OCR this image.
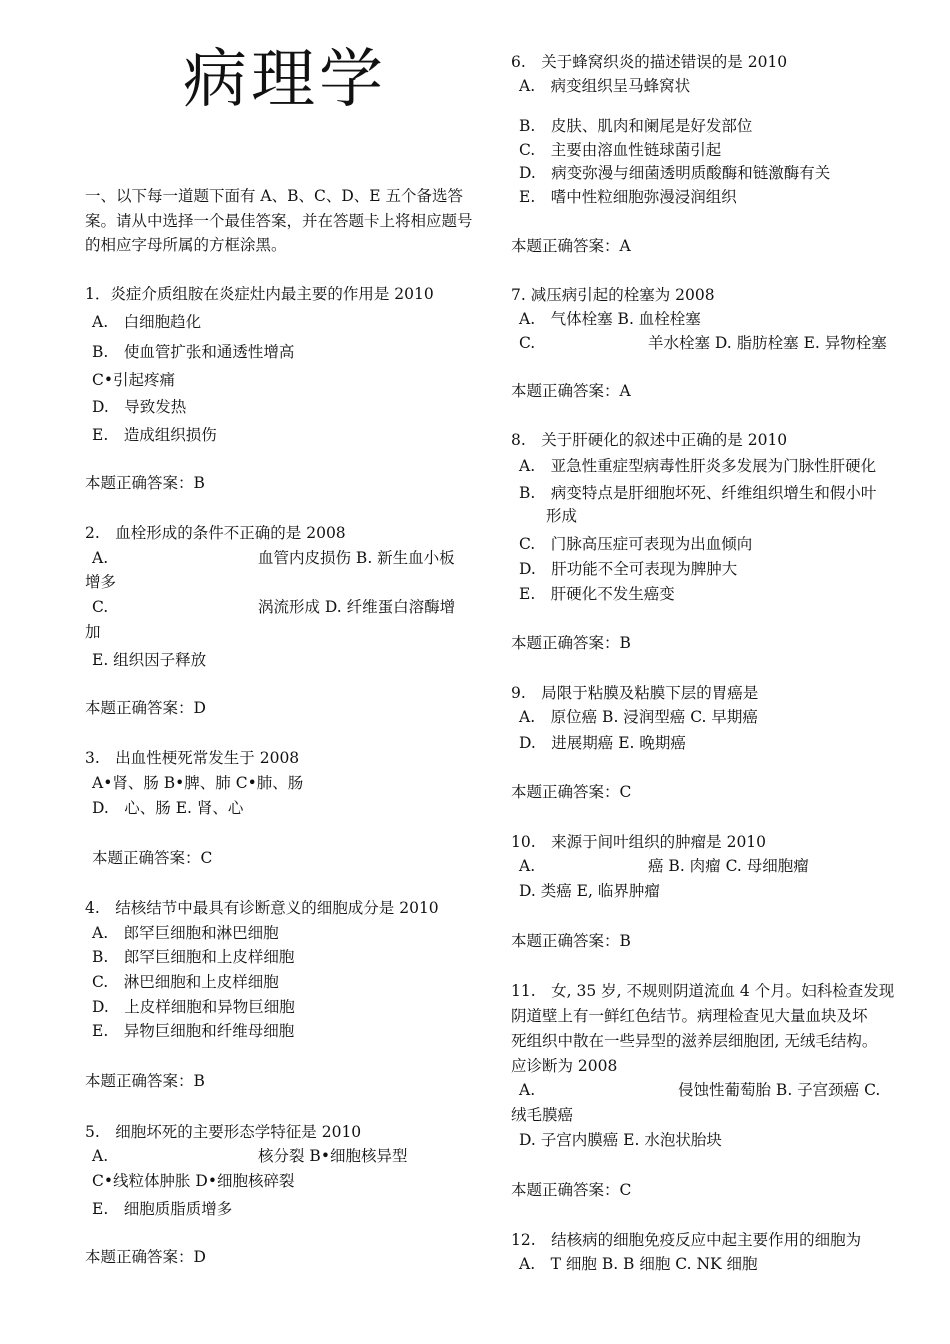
病理学
一、以下每一道题下面有 A、B、C、D、E 五个备选答案。请从中选择一个最佳答案，并在答题卡上将相应题号的相应字母所属的方框涂黑。
1．炎症介质组胺在炎症灶内最主要的作用是 2010
A.　白细胞趋化
B.　使血管扩张和通透性增高
C•引起疼痛
D.　导致发热
E.　造成组织损伤
本题正确答案：B
2.　血栓形成的条件不正确的是 2008
A.	血管内皮损伤 B. 新生血小板
增多
C.	涡流形成 D. 纤维蛋白溶酶增
加
E. 组织因子释放
本题正确答案：D
3.　出血性梗死常发生于 2008
A•肾、肠 B•脾、肺 C•肺、肠
D.　心、肠 E. 肾、心
本题正确答案：C
4.　结核结节中最具有诊断意义的细胞成分是 2010
A.　郎罕巨细胞和淋巴细胞
B.　郎罕巨细胞和上皮样细胞
C.　淋巴细胞和上皮样细胞
D.　上皮样细胞和异物巨细胞
E.　异物巨细胞和纤维母细胞
本题正确答案：B
5.　细胞坏死的主要形态学特征是 2010
A.	核分裂 B•细胞核异型
C•线粒体肿胀 D•细胞核碎裂
E.　细胞质脂质增多
本题正确答案：D
6.　关于蜂窝织炎的描述错误的是 2010
A.　病变组织呈马蜂窝状
B.　皮肤、肌肉和阑尾是好发部位
C.　主要由溶血性链球菌引起
D.　病变弥漫与细菌透明质酸酶和链激酶有关
E.　嗜中性粒细胞弥漫浸润组织
本题正确答案：A
7. 减压病引起的栓塞为 2008
A.　气体栓塞 B. 血栓栓塞
C.	羊水栓塞 D. 脂肪栓塞 E. 异物栓塞
本题正确答案：A
8.　关于肝硬化的叙述中正确的是 2010
A.　亚急性重症型病毒性肝炎多发展为门脉性肝硬化
B.　病变特点是肝细胞坏死、纤维组织增生和假小叶
形成
C.　门脉高压症可表现为出血倾向
D.　肝功能不全可表现为脾肿大
E.　肝硬化不发生癌变
本题正确答案：B
9.　局限于粘膜及粘膜下层的胃癌是
A.　原位癌 B. 浸润型癌 C. 早期癌
D.　进展期癌 E. 晚期癌
本题正确答案：C
10.　来源于间叶组织的肿瘤是 2010
A.	癌 B. 肉瘤 C. 母细胞瘤
D. 类癌 E, 临界肿瘤
本题正确答案：B
11.　女, 35 岁, 不规则阴道流血 4 个月。妇科检查发现
阴道壁上有一鲜红色结节。病理检查见大量血块及坏
死组织中散在一些异型的滋养层细胞团, 无绒毛结构。
应诊断为 2008
A.	侵蚀性葡萄胎 B. 子宫颈癌 C.
绒毛膜癌
D. 子宫内膜癌 E. 水泡状胎块
本题正确答案：C
12.　结核病的细胞免疫反应中起主要作用的细胞为
A.　T 细胞 B. B 细胞 C. NK 细胞
